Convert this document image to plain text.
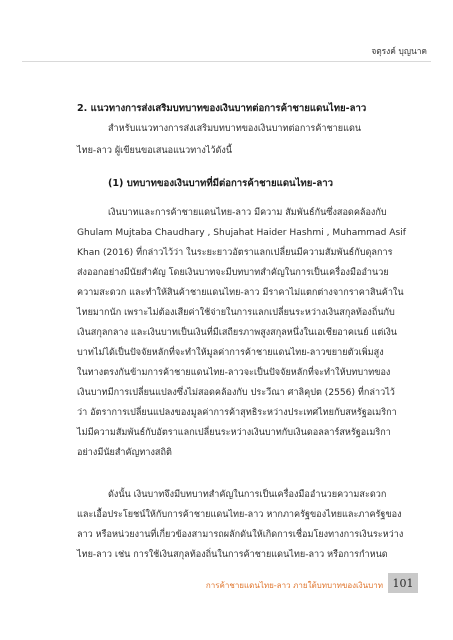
จตุรงค์ บุญนาค
2. แนวทางการส่งเสริมบทบาทของเงินบาทต่อการค้าชายแดนไทย-ลาว
สำหรับแนวทางการส่งเสริมบทบาทของเงินบาทต่อการค้าชายแดน
ไทย-ลาว ผู้เขียนขอเสนอแนวทางไว้ดังนี้
(1) บทบาทของเงินบาทที่มีต่อการค้าชายแดนไทย-ลาว
เงินบาทและการค้าชายแดนไทย-ลาว มีความ สัมพันธ์กันซึ่งสอดคล้องกับ
Ghulam Mujtaba Chaudhary , Shujahat Haider Hashmi , Muhammad Asif
Khan (2016) ที่กล่าวไว้ว่า ในระยะยาวอัตราแลกเปลี่ยนมีความสัมพันธ์กับดุลการ
ส่งออกอย่างมีนัยสำคัญ โดยเงินบาทจะมีบทบาทสำคัญในการเป็นเครื่องมืออำนวย
ความสะดวก และทำให้สินค้าชายแดนไทย-ลาว มีราคาไม่แตกต่างจากราคาสินค้าใน
ไทยมากนัก เพราะไม่ต้องเสียค่าใช้จ่ายในการแลกเปลี่ยนระหว่างเงินสกุลท้องถิ่นกับ
เงินสกุลกลาง และเงินบาทเป็นเงินที่มีเสถียรภาพสูงสกุลหนึ่งในเอเชียอาคเนย์ แต่เงิน
บาทไม่ได้เป็นปัจจัยหลักที่จะทำให้มูลค่าการค้าชายแดนไทย-ลาวขยายตัวเพิ่มสูง
ในทางตรงกันข้ามการค้าชายแดนไทย-ลาวจะเป็นปัจจัยหลักที่จะทำให้บทบาทของ
เงินบาทมีการเปลี่ยนแปลงซึ่งไม่สอดคล้องกับ ประวีณา ศาลิคุปต (2556) ที่กล่าวไว้
ว่า อัตราการเปลี่ยนแปลงของมูลค่าการค้าสุทธิระหว่างประเทศไทยกับสหรัฐอเมริกา
ไม่มีความสัมพันธ์กับอัตราแลกเปลี่ยนระหว่างเงินบาทกับเงินดอลลาร์สหรัฐอเมริกา
อย่างมีนัยสำคัญทางสถิติ
ดังนั้น เงินบาทจึงมีบทบาทสำคัญในการเป็นเครื่องมืออำนวยความสะดวก
และเอื้อประโยชน์ให้กับการค้าชายแดนไทย-ลาว หากภาครัฐของไทยและภาครัฐของ
ลาว หรือหน่วยงานที่เกี่ยวข้องสามารถผลักดันให้เกิดการเชื่อมโยงทางการเงินระหว่าง
ไทย-ลาว เช่น การใช้เงินสกุลท้องถิ่นในการค้าชายแดนไทย-ลาว หรือการกำหนด
การค้าชายแดนไทย-ลาว ภายใต้บทบาทของเงินบาท 101
